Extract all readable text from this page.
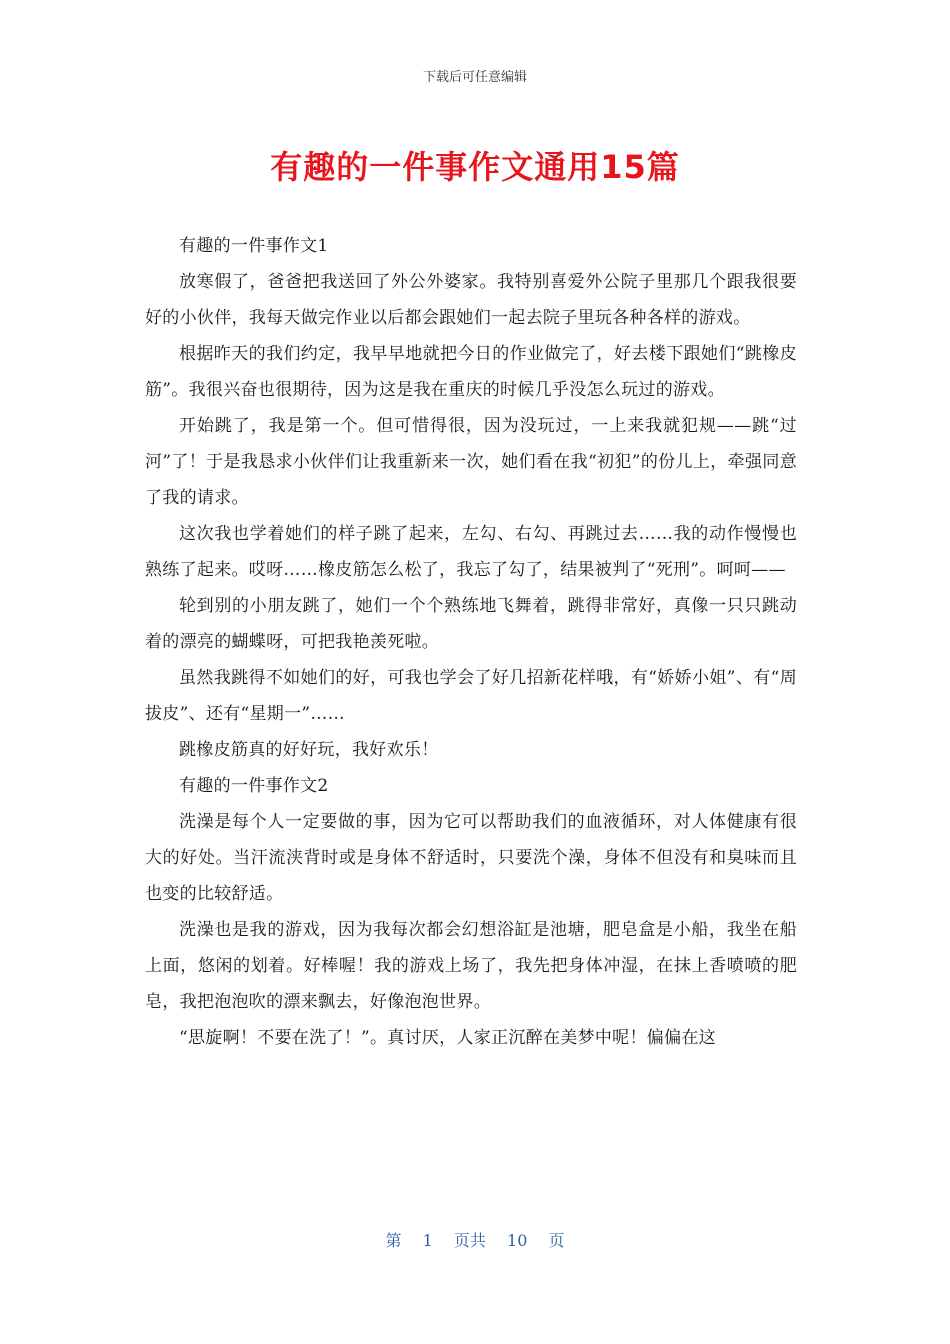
下载后可任意编辑
有趣的一件事作文通用15篇

有趣的一件事作文1

放寒假了，爸爸把我送回了外公外婆家。我特别喜爱外公院子里那几个跟我很要好的小伙伴，我每天做完作业以后都会跟她们一起去院子里玩各种各样的游戏。

根据昨天的我们约定，我早早地就把今日的作业做完了，好去楼下跟她们“跳橡皮筋”。我很兴奋也很期待，因为这是我在重庆的时候几乎没怎么玩过的游戏。

开始跳了，我是第一个。但可惜得很，因为没玩过，一上来我就犯规——跳“过河”了！于是我恳求小伙伴们让我重新来一次，她们看在我“初犯”的份儿上，牵强同意了我的请求。

这次我也学着她们的样子跳了起来，左勾、右勾、再跳过去……我的动作慢慢也熟练了起来。哎呀……橡皮筋怎么松了，我忘了勾了，结果被判了“死刑”。呵呵——

轮到别的小朋友跳了，她们一个个熟练地飞舞着，跳得非常好，真像一只只跳动着的漂亮的蝴蝶呀，可把我艳羡死啦。

虽然我跳得不如她们的好，可我也学会了好几招新花样哦，有“娇娇小姐”、有“周拔皮”、还有“星期一”……

跳橡皮筋真的好好玩，我好欢乐！

有趣的一件事作文2

洗澡是每个人一定要做的事，因为它可以帮助我们的血液循环，对人体健康有很大的好处。当汗流浃背时或是身体不舒适时，只要洗个澡，身体不但没有和臭味而且也变的比较舒适。

洗澡也是我的游戏，因为我每次都会幻想浴缸是池塘，肥皂盒是小船，我坐在船上面，悠闲的划着。好棒喔！我的游戏上场了，我先把身体冲湿，在抹上香喷喷的肥皂，我把泡泡吹的漂来飘去，好像泡泡世界。

“思旋啊！不要在洗了！”。真讨厌，人家正沉醉在美梦中呢！偏偏在这

第 1 页共 10 页
